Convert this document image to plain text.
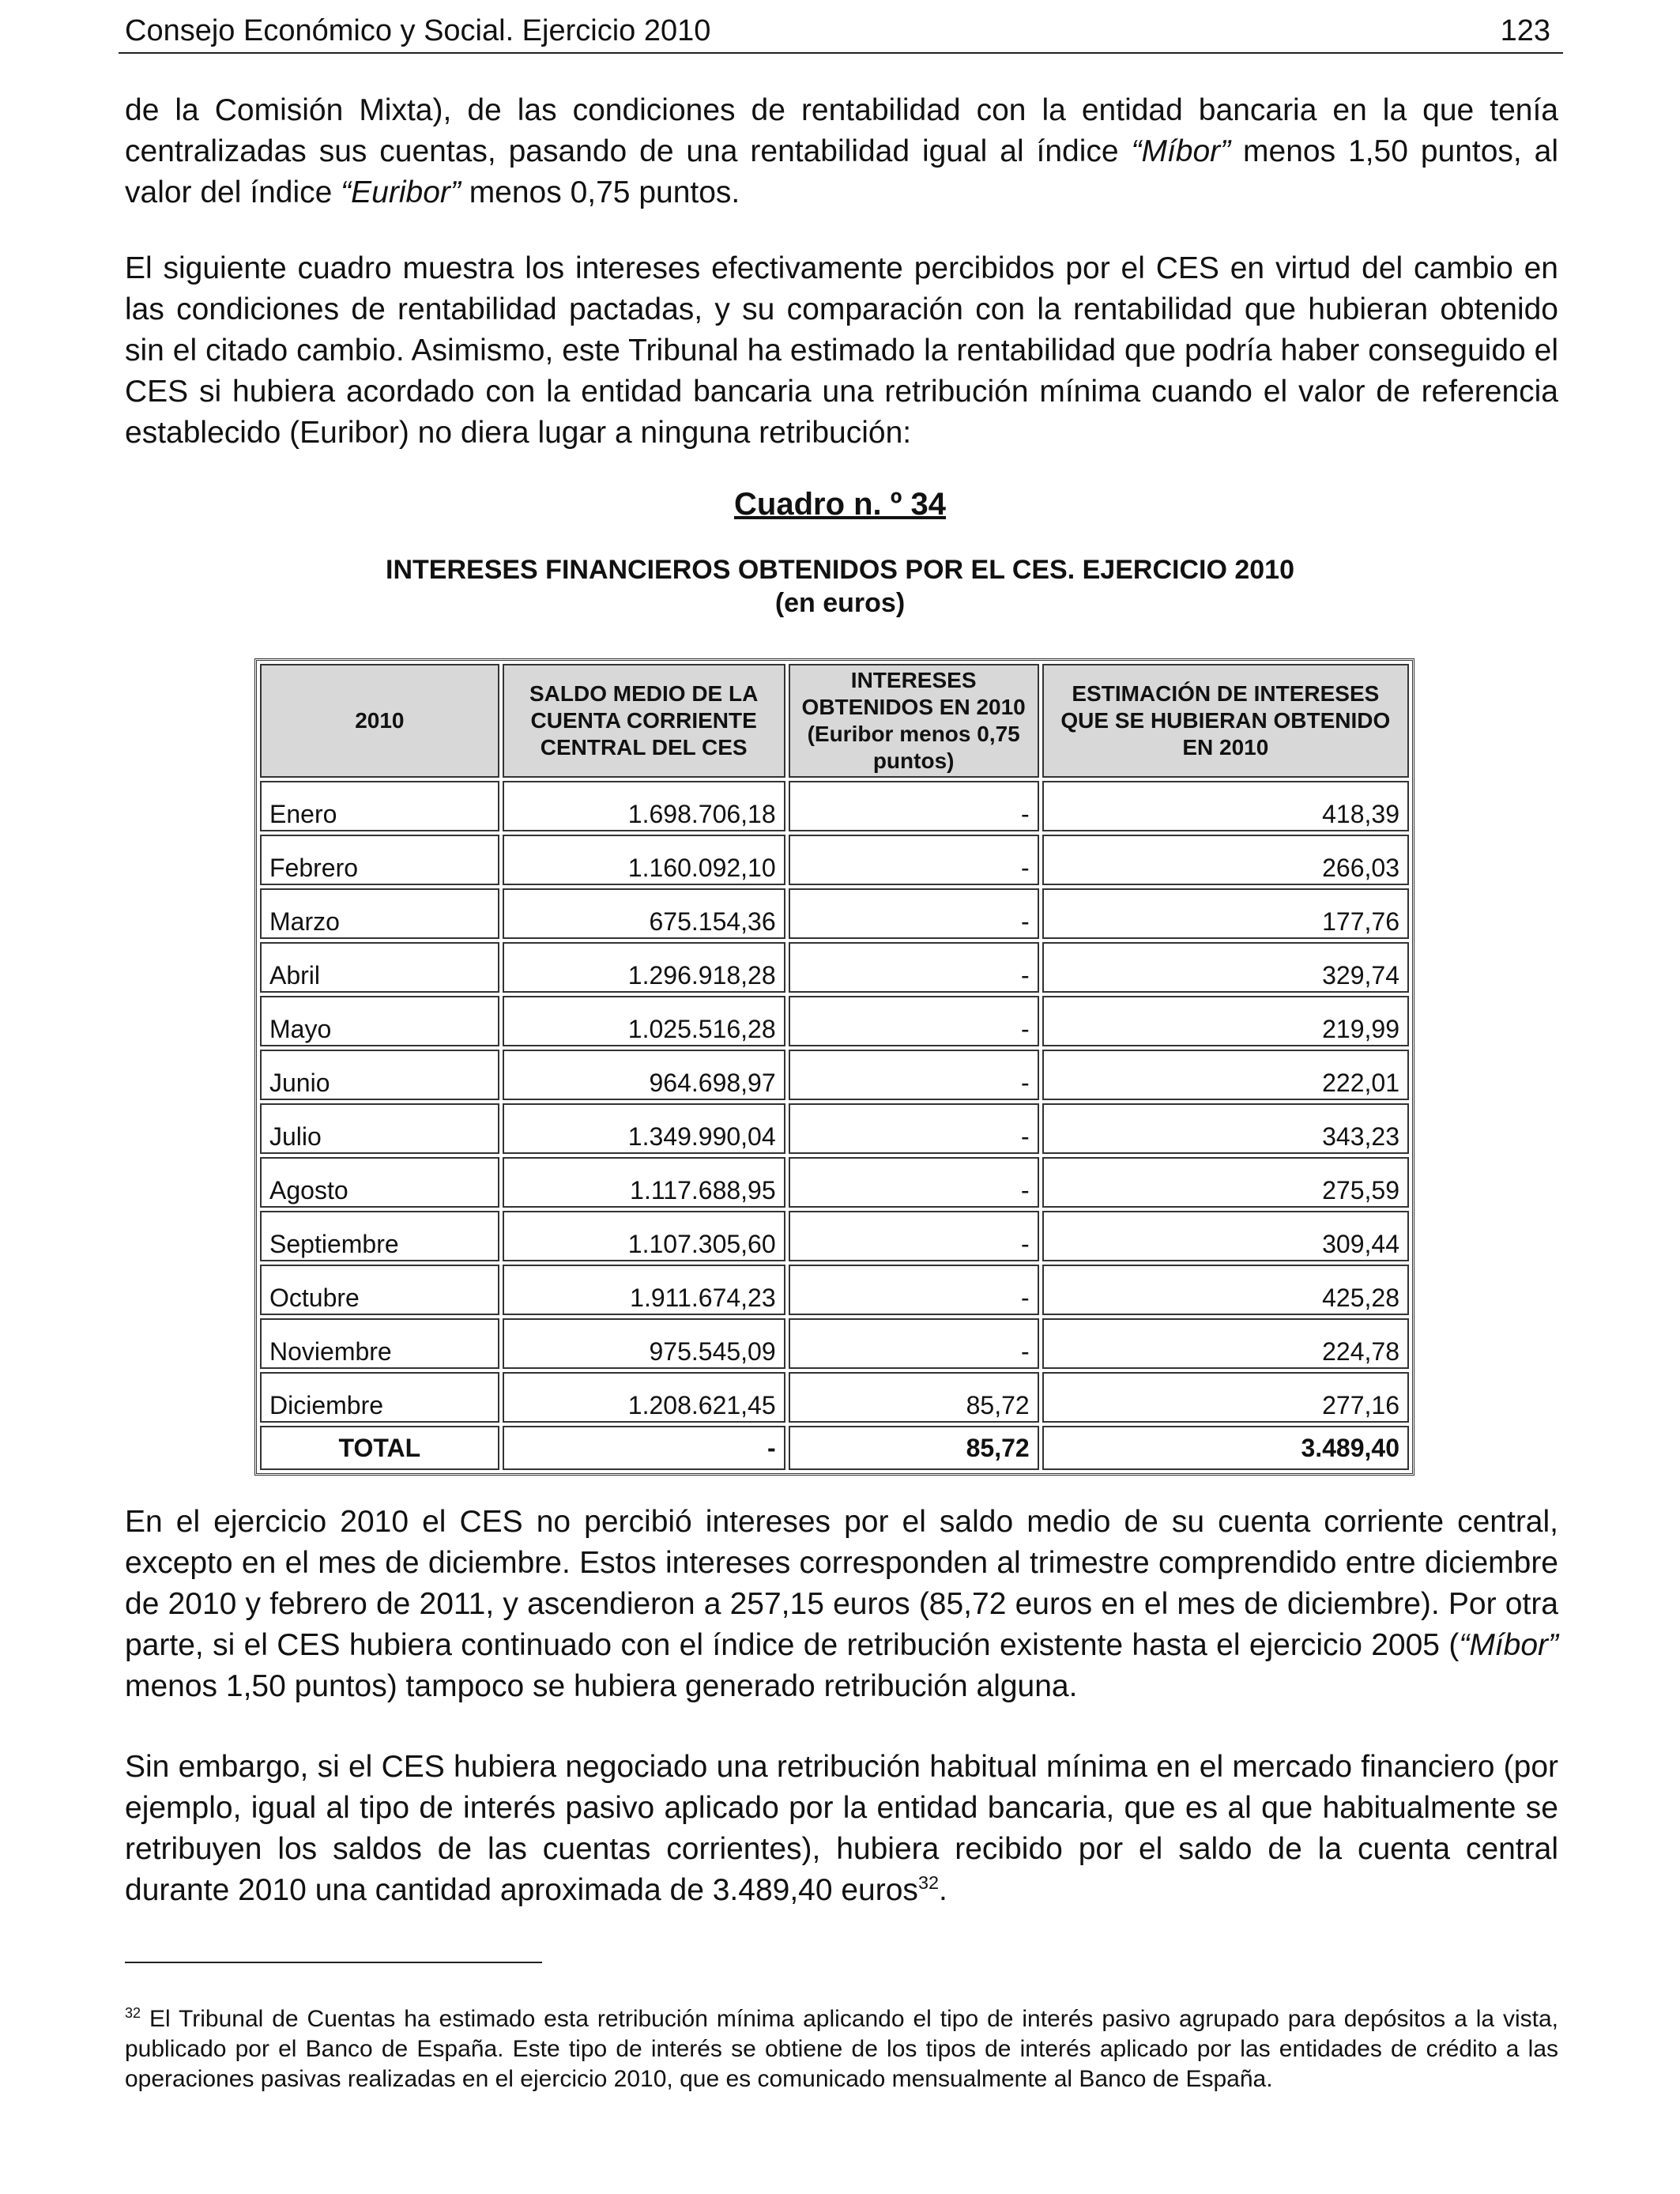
Consejo Económico y Social. Ejercicio 2010	123

de la Comisión Mixta), de las condiciones de rentabilidad con la entidad bancaria en la que tenía centralizadas sus cuentas, pasando de una rentabilidad igual al índice “Míbor” menos 1,50 puntos, al valor del índice “Euribor” menos 0,75 puntos.

El siguiente cuadro muestra los intereses efectivamente percibidos por el CES en virtud del cambio en las condiciones de rentabilidad pactadas, y su comparación con la rentabilidad que hubieran obtenido sin el citado cambio. Asimismo, este Tribunal ha estimado la rentabilidad que podría haber conseguido el CES si hubiera acordado con la entidad bancaria una retribución mínima cuando el valor de referencia establecido (Euribor) no diera lugar a ninguna retribución:

Cuadro n. º 34
INTERESES FINANCIEROS OBTENIDOS POR EL CES. EJERCICIO 2010
(en euros)
2010	SALDO MEDIO DE LA CUENTA CORRIENTE CENTRAL DEL CES	INTERESES OBTENIDOS EN 2010 (Euribor menos 0,75 puntos)	ESTIMACIÓN DE INTERESES QUE SE HUBIERAN OBTENIDO EN 2010
Enero	1.698.706,18	-	418,39
Febrero	1.160.092,10	-	266,03
Marzo	675.154,36	-	177,76
Abril	1.296.918,28	-	329,74
Mayo	1.025.516,28	-	219,99
Junio	964.698,97	-	222,01
Julio	1.349.990,04	-	343,23
Agosto	1.117.688,95	-	275,59
Septiembre	1.107.305,60	-	309,44
Octubre	1.911.674,23	-	425,28
Noviembre	975.545,09	-	224,78
Diciembre	1.208.621,45	85,72	277,16
TOTAL	-	85,72	3.489,40

En el ejercicio 2010 el CES no percibió intereses por el saldo medio de su cuenta corriente central, excepto en el mes de diciembre. Estos intereses corresponden al trimestre comprendido entre diciembre de 2010 y febrero de 2011, y ascendieron a 257,15 euros (85,72 euros en el mes de diciembre). Por otra parte, si el CES hubiera continuado con el índice de retribución existente hasta el ejercicio 2005 (“Míbor” menos 1,50 puntos) tampoco se hubiera generado retribución alguna.

Sin embargo, si el CES hubiera negociado una retribución habitual mínima en el mercado financiero (por ejemplo, igual al tipo de interés pasivo aplicado por la entidad bancaria, que es al que habitualmente se retribuyen los saldos de las cuentas corrientes), hubiera recibido por el saldo de la cuenta central durante 2010 una cantidad aproximada de 3.489,40 euros$^{32}$.

$^{32}$ El Tribunal de Cuentas ha estimado esta retribución mínima aplicando el tipo de interés pasivo agrupado para depósitos a la vista, publicado por el Banco de España. Este tipo de interés se obtiene de los tipos de interés aplicado por las entidades de crédito a las operaciones pasivas realizadas en el ejercicio 2010, que es comunicado mensualmente al Banco de España.
